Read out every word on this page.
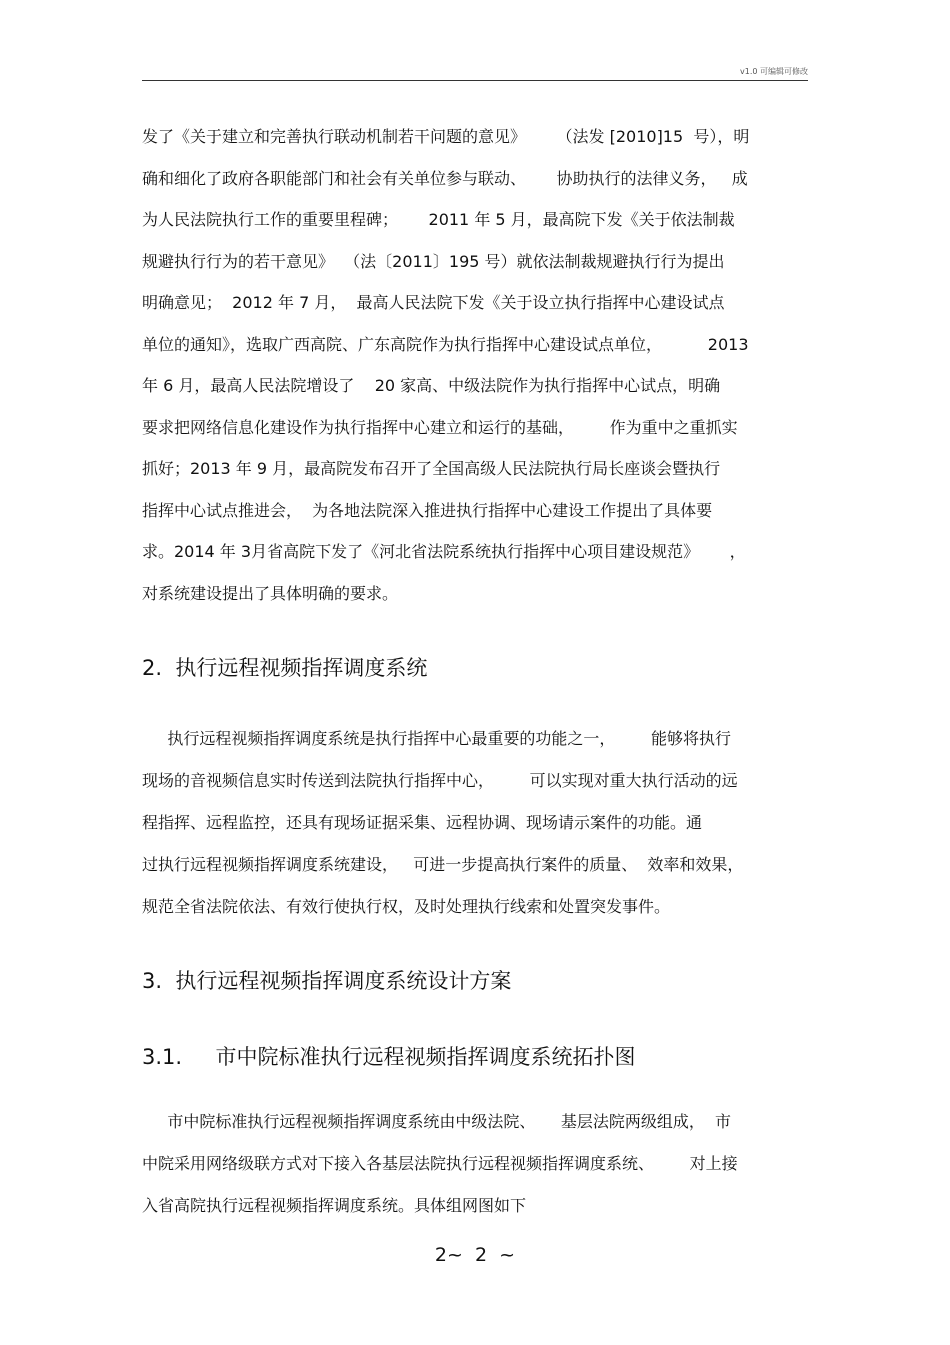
v1.0 可编辑可修改
发了《关于建立和完善执行联动机制若干问题的意见》      （法发 [2010]15  号），明
确和细化了政府各职能部门和社会有关单位参与联动、      协助执行的法律义务，   成
为人民法院执行工作的重要里程碑；      2011 年 5 月，最高院下发《关于依法制裁
规避执行行为的若干意见》  （法〔2011〕195 号）就依法制裁规避执行行为提出
明确意见；  2012 年 7 月，  最高人民法院下发《关于设立执行指挥中心建设试点
单位的通知》，选取广西高院、广东高院作为执行指挥中心建设试点单位，         2013
年 6 月，最高人民法院增设了    20 家高、中级法院作为执行指挥中心试点，明确
要求把网络信息化建设作为执行指挥中心建立和运行的基础，       作为重中之重抓实
抓好；2013 年 9 月，最高院发布召开了全国高级人民法院执行局长座谈会暨执行
指挥中心试点推进会，  为各地法院深入推进执行指挥中心建设工作提出了具体要
求。2014 年 3月省高院下发了《河北省法院系统执行指挥中心项目建设规范》      ，
对系统建设提出了具体明确的要求。
2.  执行远程视频指挥调度系统
执行远程视频指挥调度系统是执行指挥中心最重要的功能之一，       能够将执行
现场的音视频信息实时传送到法院执行指挥中心，       可以实现对重大执行活动的远
程指挥、远程监控，还具有现场证据采集、远程协调、现场请示案件的功能。通
过执行远程视频指挥调度系统建设，   可进一步提高执行案件的质量、  效率和效果，
规范全省法院依法、有效行使执行权，及时处理执行线索和处置突发事件。
3.  执行远程视频指挥调度系统设计方案
3.1.     市中院标准执行远程视频指挥调度系统拓扑图
市中院标准执行远程视频指挥调度系统由中级法院、     基层法院两级组成，  市
中院采用网络级联方式对下接入各基层法院执行远程视频指挥调度系统、       对上接
入省高院执行远程视频指挥调度系统。具体组网图如下
2~  2  ~
